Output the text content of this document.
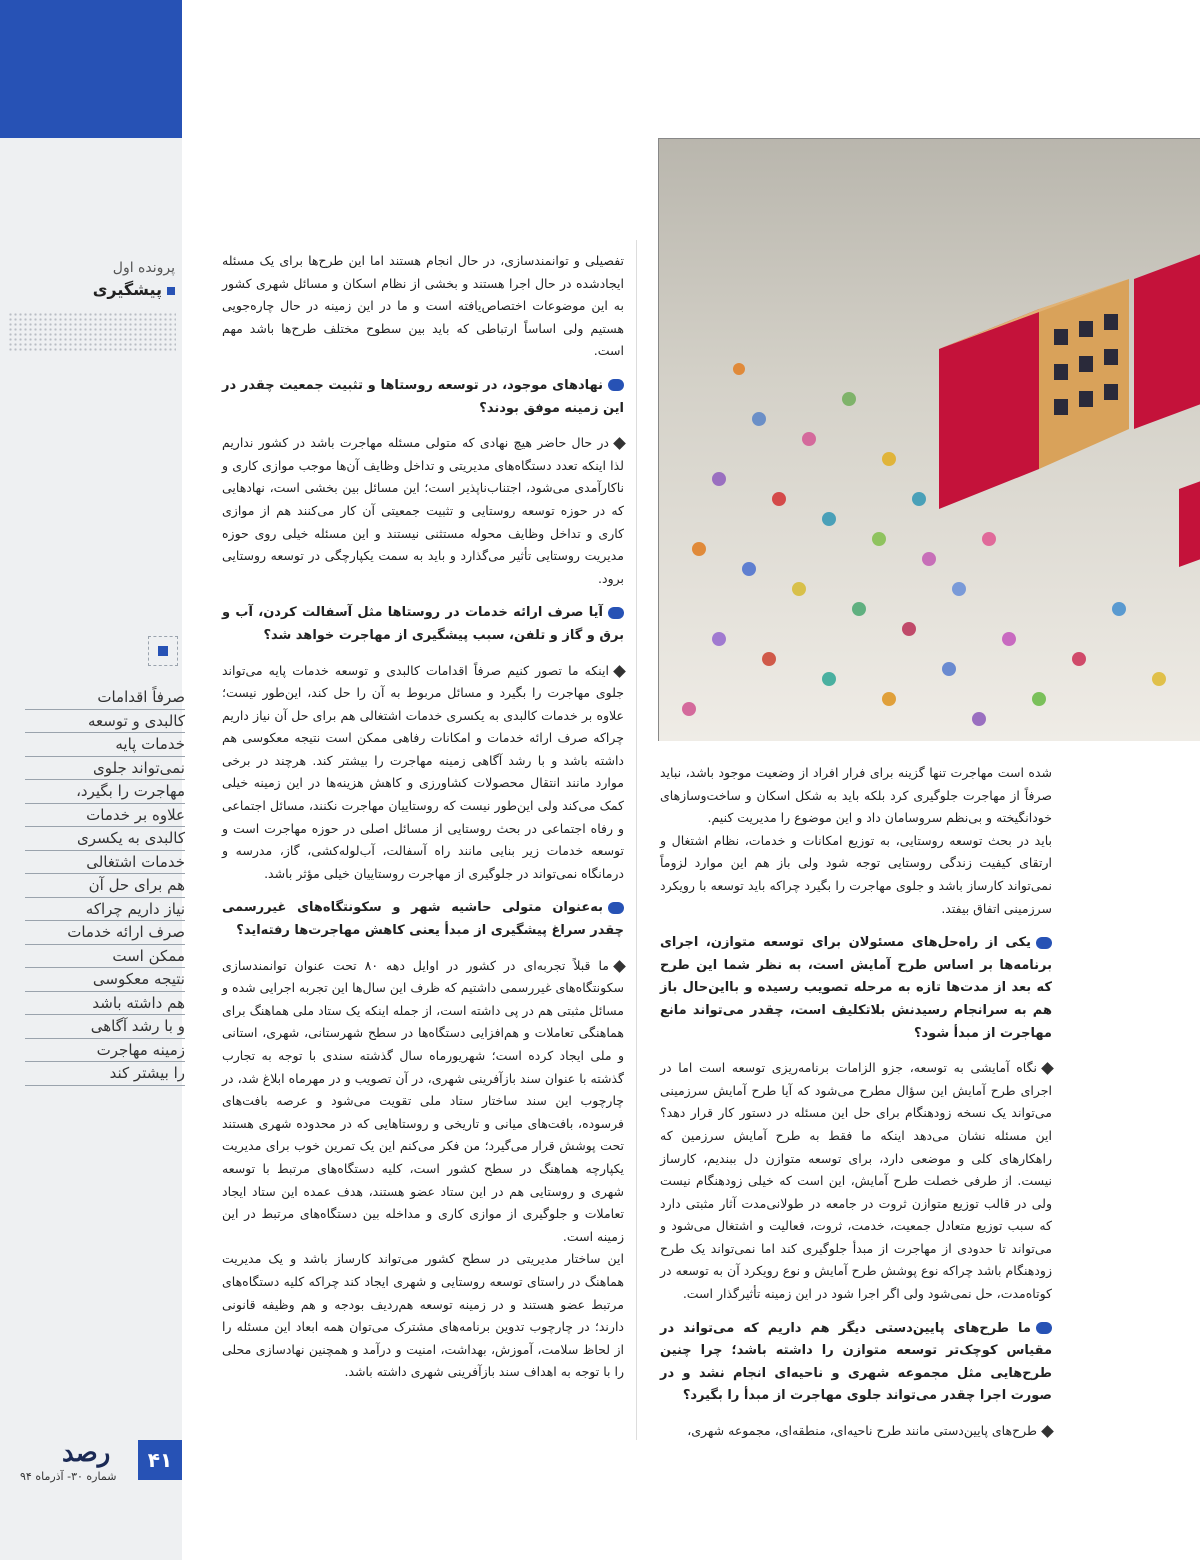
پرونده اول
پیشگیری
صرفاً اقدامات
کالبدی و توسعه
خدمات پایه
نمی‌تواند جلوی
مهاجرت را بگیرد،
علاوه بر خدمات
کالبدی به یکسری
خدمات اشتغالی
هم برای حل آن
نیاز داریم چراکه
صرف ارائه خدمات
ممکن است
نتیجه معکوسی
هم داشته باشد
و با رشد آگاهی
زمینه مهاجرت
را بیشتر کند
۴۱
رصد
شماره ۳۰- آذرماه ۹۴

تفصیلی و توانمندسازی، در حال انجام هستند اما این طرح‌ها برای یک مسئله ایجادشده در حال اجرا هستند و بخشی از نظام اسکان و مسائل شهری کشور به این موضوعات اختصاص‌یافته است و ما در این زمینه در حال چاره‌جویی هستیم ولی اساساً ارتباطی که باید بین سطوح مختلف طرح‌ها باشد مهم است.

نهادهای موجود، در توسعه روستاها و تثبیت جمعیت چقدر در این زمینه موفق بودند؟

در حال حاضر هیچ نهادی که متولی مسئله مهاجرت باشد در کشور نداریم لذا اینکه تعدد دستگاه‌های مدیریتی و تداخل وظایف آن‌ها موجب موازی کاری و ناکارآمدی می‌شود، اجتناب‌ناپذیر است؛ این مسائل بین بخشی است، نهادهایی که در حوزه توسعه روستایی و تثبیت جمعیتی آن کار می‌کنند هم از موازی کاری و تداخل وظایف محوله مستثنی نیستند و این مسئله خیلی روی حوزه مدیریت روستایی تأثیر می‌گذارد و باید به سمت یکپارچگی در توسعه روستایی برود.

آیا صرف ارائه خدمات در روستاها مثل آسفالت کردن، آب و برق و گاز و تلفن، سبب پیشگیری از مهاجرت خواهد شد؟

اینکه ما تصور کنیم صرفاً اقدامات کالبدی و توسعه خدمات پایه می‌تواند جلوی مهاجرت را بگیرد و مسائل مربوط به آن را حل کند، این‌طور نیست؛ علاوه بر خدمات کالبدی به یکسری خدمات اشتغالی هم برای حل آن نیاز داریم چراکه صرف ارائه خدمات و امکانات رفاهی ممکن است نتیجه معکوسی هم داشته باشد و با رشد آگاهی زمینه مهاجرت را بیشتر کند. هرچند در برخی موارد مانند انتقال محصولات کشاورزی و کاهش هزینه‌ها در این زمینه خیلی کمک می‌کند ولی این‌طور نیست که روستاییان مهاجرت نکنند، مسائل اجتماعی و رفاه اجتماعی در بحث روستایی از مسائل اصلی در حوزه مهاجرت است و توسعه خدمات زیر بنایی مانند راه آسفالت، آب‌لوله‌کشی، گاز، مدرسه و درمانگاه نمی‌تواند در جلوگیری از مهاجرت روستاییان خیلی مؤثر باشد.

به‌عنوان متولی حاشیه شهر و سکونتگاه‌های غیررسمی چقدر سراغ پیشگیری از مبدأ یعنی کاهش مهاجرت‌ها رفته‌اید؟

ما قبلاً تجربه‌ای در کشور در اوایل دهه ۸۰ تحت عنوان توانمندسازی سکونتگاه‌های غیررسمی داشتیم که ظرف این سال‌ها این تجربه اجرایی شده و مسائل مثبتی هم در پی داشته است، از جمله اینکه یک ستاد ملی هماهنگ برای هماهنگی تعاملات و هم‌افزایی دستگاه‌ها در سطح شهرستانی، شهری، استانی و ملی ایجاد کرده است؛ شهریورماه سال گذشته سندی با توجه به تجارب گذشته با عنوان سند بازآفرینی شهری، در آن تصویب و در مهرماه ابلاغ شد، در چارچوب این سند ساختار ستاد ملی تقویت می‌شود و عرصه بافت‌های فرسوده، بافت‌های میانی و تاریخی و روستاهایی که در محدوده شهری هستند تحت پوشش قرار می‌گیرد؛ من فکر می‌کنم این یک تمرین خوب برای مدیریت یکپارچه هماهنگ در سطح کشور است، کلیه دستگاه‌های مرتبط با توسعه شهری و روستایی هم در این ستاد عضو هستند، هدف عمده این ستاد ایجاد تعاملات و جلوگیری از موازی کاری و مداخله بین دستگاه‌های مرتبط در این زمینه است.

این ساختار مدیریتی در سطح کشور می‌تواند کارساز باشد و یک مدیریت هماهنگ در راستای توسعه روستایی و شهری ایجاد کند چراکه کلیه دستگاه‌های مرتبط عضو هستند و در زمینه توسعه هم‌ردیف بودجه و هم وظیفه قانونی دارند؛ در چارچوب تدوین برنامه‌های مشترک می‌توان همه ابعاد این مسئله را از لحاظ سلامت، آموزش، بهداشت، امنیت و درآمد و همچنین نهادسازی محلی را با توجه به اهداف سند بازآفرینی شهری داشته باشد.

شده است مهاجرت تنها گزینه برای فرار افراد از وضعیت موجود باشد، نباید صرفاً از مهاجرت جلوگیری کرد بلکه باید به شکل اسکان و ساخت‌وسازهای خودانگیخته و بی‌نظم سروسامان داد و این موضوع را مدیریت کنیم.

باید در بحث توسعه روستایی، به توزیع امکانات و خدمات، نظام اشتغال و ارتقای کیفیت زندگی روستایی توجه شود ولی باز هم این موارد لزوماً نمی‌تواند کارساز باشد و جلوی مهاجرت را بگیرد چراکه باید توسعه با رویکرد سرزمینی اتفاق بیفتد.

یکی از راه‌حل‌های مسئولان برای توسعه متوازن، اجرای برنامه‌ها بر اساس طرح آمایش است، به نظر شما این طرح که بعد از مدت‌ها تازه به مرحله تصویب رسیده و بااین‌حال باز هم به سرانجام رسیدنش بلاتکلیف است، چقدر می‌تواند مانع مهاجرت از مبدأ شود؟

نگاه آمایشی به توسعه، جزو الزامات برنامه‌ریزی توسعه است اما در اجرای طرح آمایش این سؤال مطرح می‌شود که آیا طرح آمایش سرزمینی می‌تواند یک نسخه زودهنگام برای حل این مسئله در دستور کار قرار دهد؟ این مسئله نشان می‌دهد اینکه ما فقط به طرح آمایش سرزمین که راهکارهای کلی و موضعی دارد، برای توسعه متوازن دل ببندیم، کارساز نیست. از طرفی خصلت طرح آمایش، این است که خیلی زودهنگام نیست ولی در قالب توزیع متوازن ثروت در جامعه در طولانی‌مدت آثار مثبتی دارد که سبب توزیع متعادل جمعیت، خدمت، ثروت، فعالیت و اشتغال می‌شود و می‌تواند تا حدودی از مهاجرت از مبدأ جلوگیری کند اما نمی‌تواند یک طرح زودهنگام باشد چراکه نوع پوشش طرح آمایش و نوع رویکرد آن به توسعه در کوتاه‌مدت، حل نمی‌شود ولی اگر اجرا شود در این زمینه تأثیرگذار است.

ما طرح‌های پایین‌دستی دیگر هم داریم که می‌تواند در مقیاس کوچک‌تر توسعه متوازن را داشته باشد؛ چرا چنین طرح‌هایی مثل مجموعه شهری و ناحیه‌ای انجام نشد و در صورت اجرا چقدر می‌تواند جلوی مهاجرت از مبدأ را بگیرد؟

طرح‌های پایین‌دستی مانند طرح ناحیه‌ای، منطقه‌ای، مجموعه شهری،
